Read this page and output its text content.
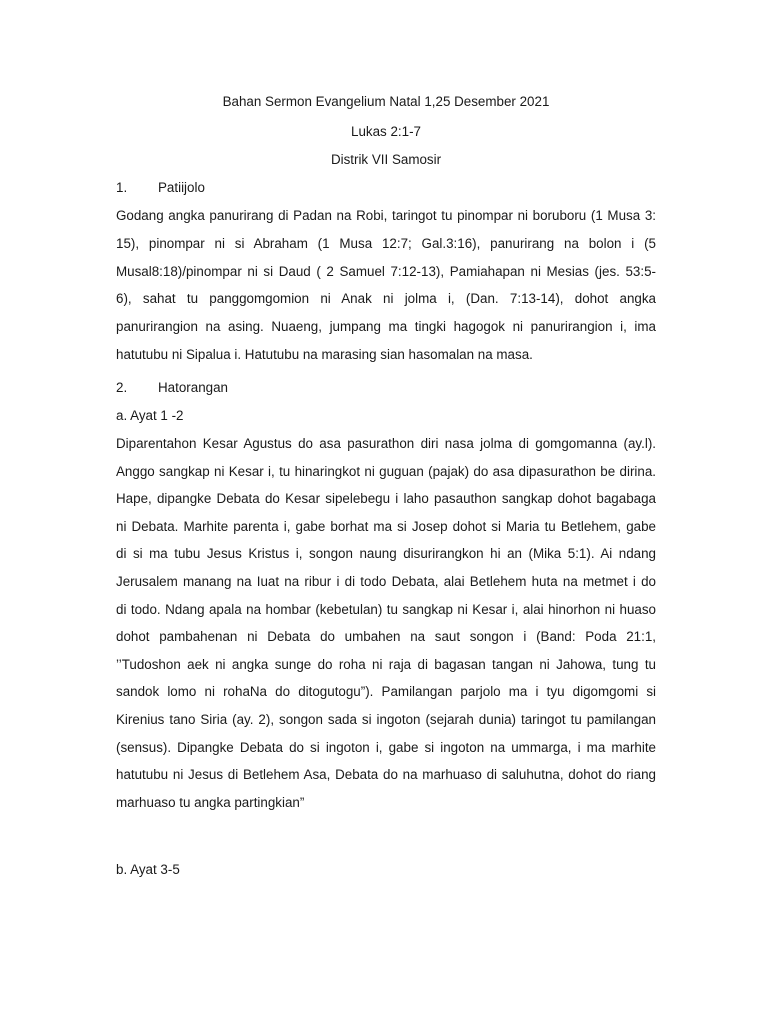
Bahan Sermon Evangelium Natal 1,25 Desember 2021
Lukas 2:1-7
Distrik VII Samosir
1. Patiijolo
Godang angka panurirang di Padan na Robi, taringot tu pinompar ni boruboru (1 Musa 3:
15), pinompar ni si Abraham (1 Musa 12:7; Gal.3:16), panurirang na bolon i (5
Musal8:18)/pinompar ni si Daud ( 2 Samuel 7:12-13), Pamiahapan ni Mesias (jes. 53:5-
6), sahat tu panggomgomion ni Anak ni jolma i, (Dan. 7:13-14), dohot angka
panurirangion na asing. Nuaeng, jumpang ma tingki hagogok ni panurirangion i, ima
hatutubu ni Sipalua i. Hatutubu na marasing sian hasomalan na masa.
2. Hatorangan
a. Ayat 1 -2
Diparentahon Kesar Agustus do asa pasurathon diri nasa jolma di gomgomanna (ay.l).
Anggo sangkap ni Kesar i, tu hinaringkot ni guguan (pajak) do asa dipasurathon be dirina.
Hape, dipangke Debata do Kesar sipelebegu i laho pasauthon sangkap dohot bagabaga
ni Debata. Marhite parenta i, gabe borhat ma si Josep dohot si Maria tu Betlehem, gabe
di si ma tubu Jesus Kristus i, songon naung disurirangkon hi an (Mika 5:1). Ai ndang
Jerusalem manang na Iuat na ribur i di todo Debata, alai Betlehem huta na metmet i do
di todo. Ndang apala na hombar (kebetulan) tu sangkap ni Kesar i, alai hinorhon ni huaso
dohot pambahenan ni Debata do umbahen na saut songon i (Band: Poda 21:1,
’’Tudoshon aek ni angka sunge do roha ni raja di bagasan tangan ni Jahowa, tung tu
sandok lomo ni rohaNa do ditogutogu”). Pamilangan parjolo ma i tyu digomgomi si
Kirenius tano Siria (ay. 2), songon sada si ingoton (sejarah dunia) taringot tu pamilangan
(sensus). Dipangke Debata do si ingoton i, gabe si ingoton na ummarga, i ma marhite
hatutubu ni Jesus di Betlehem Asa, Debata do na marhuaso di saluhutna, dohot do riang
marhuaso tu angka partingkian”
b. Ayat 3-5
